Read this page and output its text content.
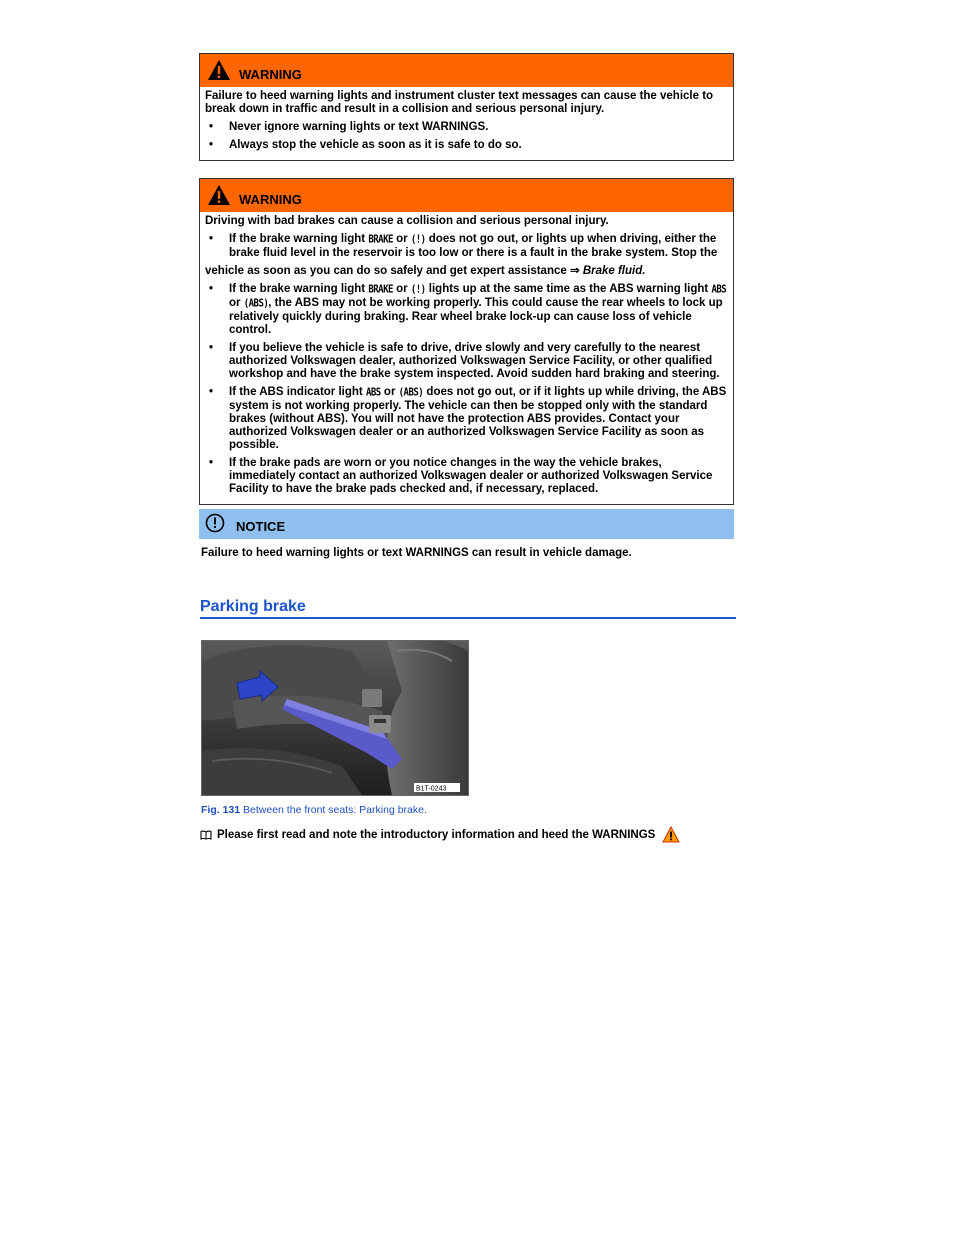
WARNING

Failure to heed warning lights and instrument cluster text messages can cause the vehicle to break down in traffic and result in a collision and serious personal injury.

•	Never ignore warning lights or text WARNINGS.
•	Always stop the vehicle as soon as it is safe to do so.
WARNING

Driving with bad brakes can cause a collision and serious personal injury.

•	If the brake warning light BRAKE or (!) does not go out, or lights up when driving, either the brake fluid level in the reservoir is too low or there is a fault in the brake system. Stop the

vehicle as soon as you can do so safely and get expert assistance ⇒ Brake fluid.

•	If the brake warning light BRAKE or (!) lights up at the same time as the ABS warning light ABS or (ABS), the ABS may not be working properly. This could cause the rear wheels to lock up relatively quickly during braking. Rear wheel brake lock-up can cause loss of vehicle control.
•	If you believe the vehicle is safe to drive, drive slowly and very carefully to the nearest authorized Volkswagen dealer, authorized Volkswagen Service Facility, or other qualified workshop and have the brake system inspected. Avoid sudden hard braking and steering.
•	If the ABS indicator light ABS or (ABS) does not go out, or if it lights up while driving, the ABS system is not working properly. The vehicle can then be stopped only with the standard brakes (without ABS). You will not have the protection ABS provides. Contact your authorized Volkswagen dealer or an authorized Volkswagen Service Facility as soon as possible.
•	If the brake pads are worn or you notice changes in the way the vehicle brakes, immediately contact an authorized Volkswagen dealer or authorized Volkswagen Service Facility to have the brake pads checked and, if necessary, replaced.
NOTICE
Failure to heed warning lights or text WARNINGS can result in vehicle damage.
Parking brake
B1T-0243
Fig. 131 Between the front seats: Parking brake.
Please first read and note the introductory information and heed the WARNINGS
